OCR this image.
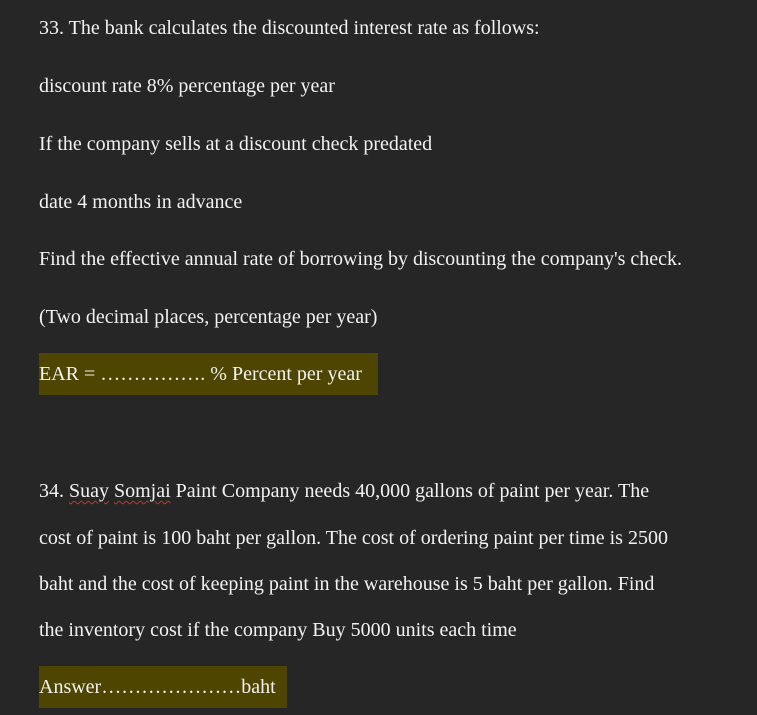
33. The bank calculates the discounted interest rate as follows:
discount rate 8% percentage per year
If the company sells at a discount check predated
date 4 months in advance
Find the effective annual rate of borrowing by discounting the company's check.
(Two decimal places, percentage per year)
EAR = ……………. % Percent per year
34. Suay Somjai Paint Company needs 40,000 gallons of paint per year. The
cost of paint is 100 baht per gallon. The cost of ordering paint per time is 2500
baht and the cost of keeping paint in the warehouse is 5 baht per gallon. Find
the inventory cost if the company Buy 5000 units each time
Answer…………………baht
